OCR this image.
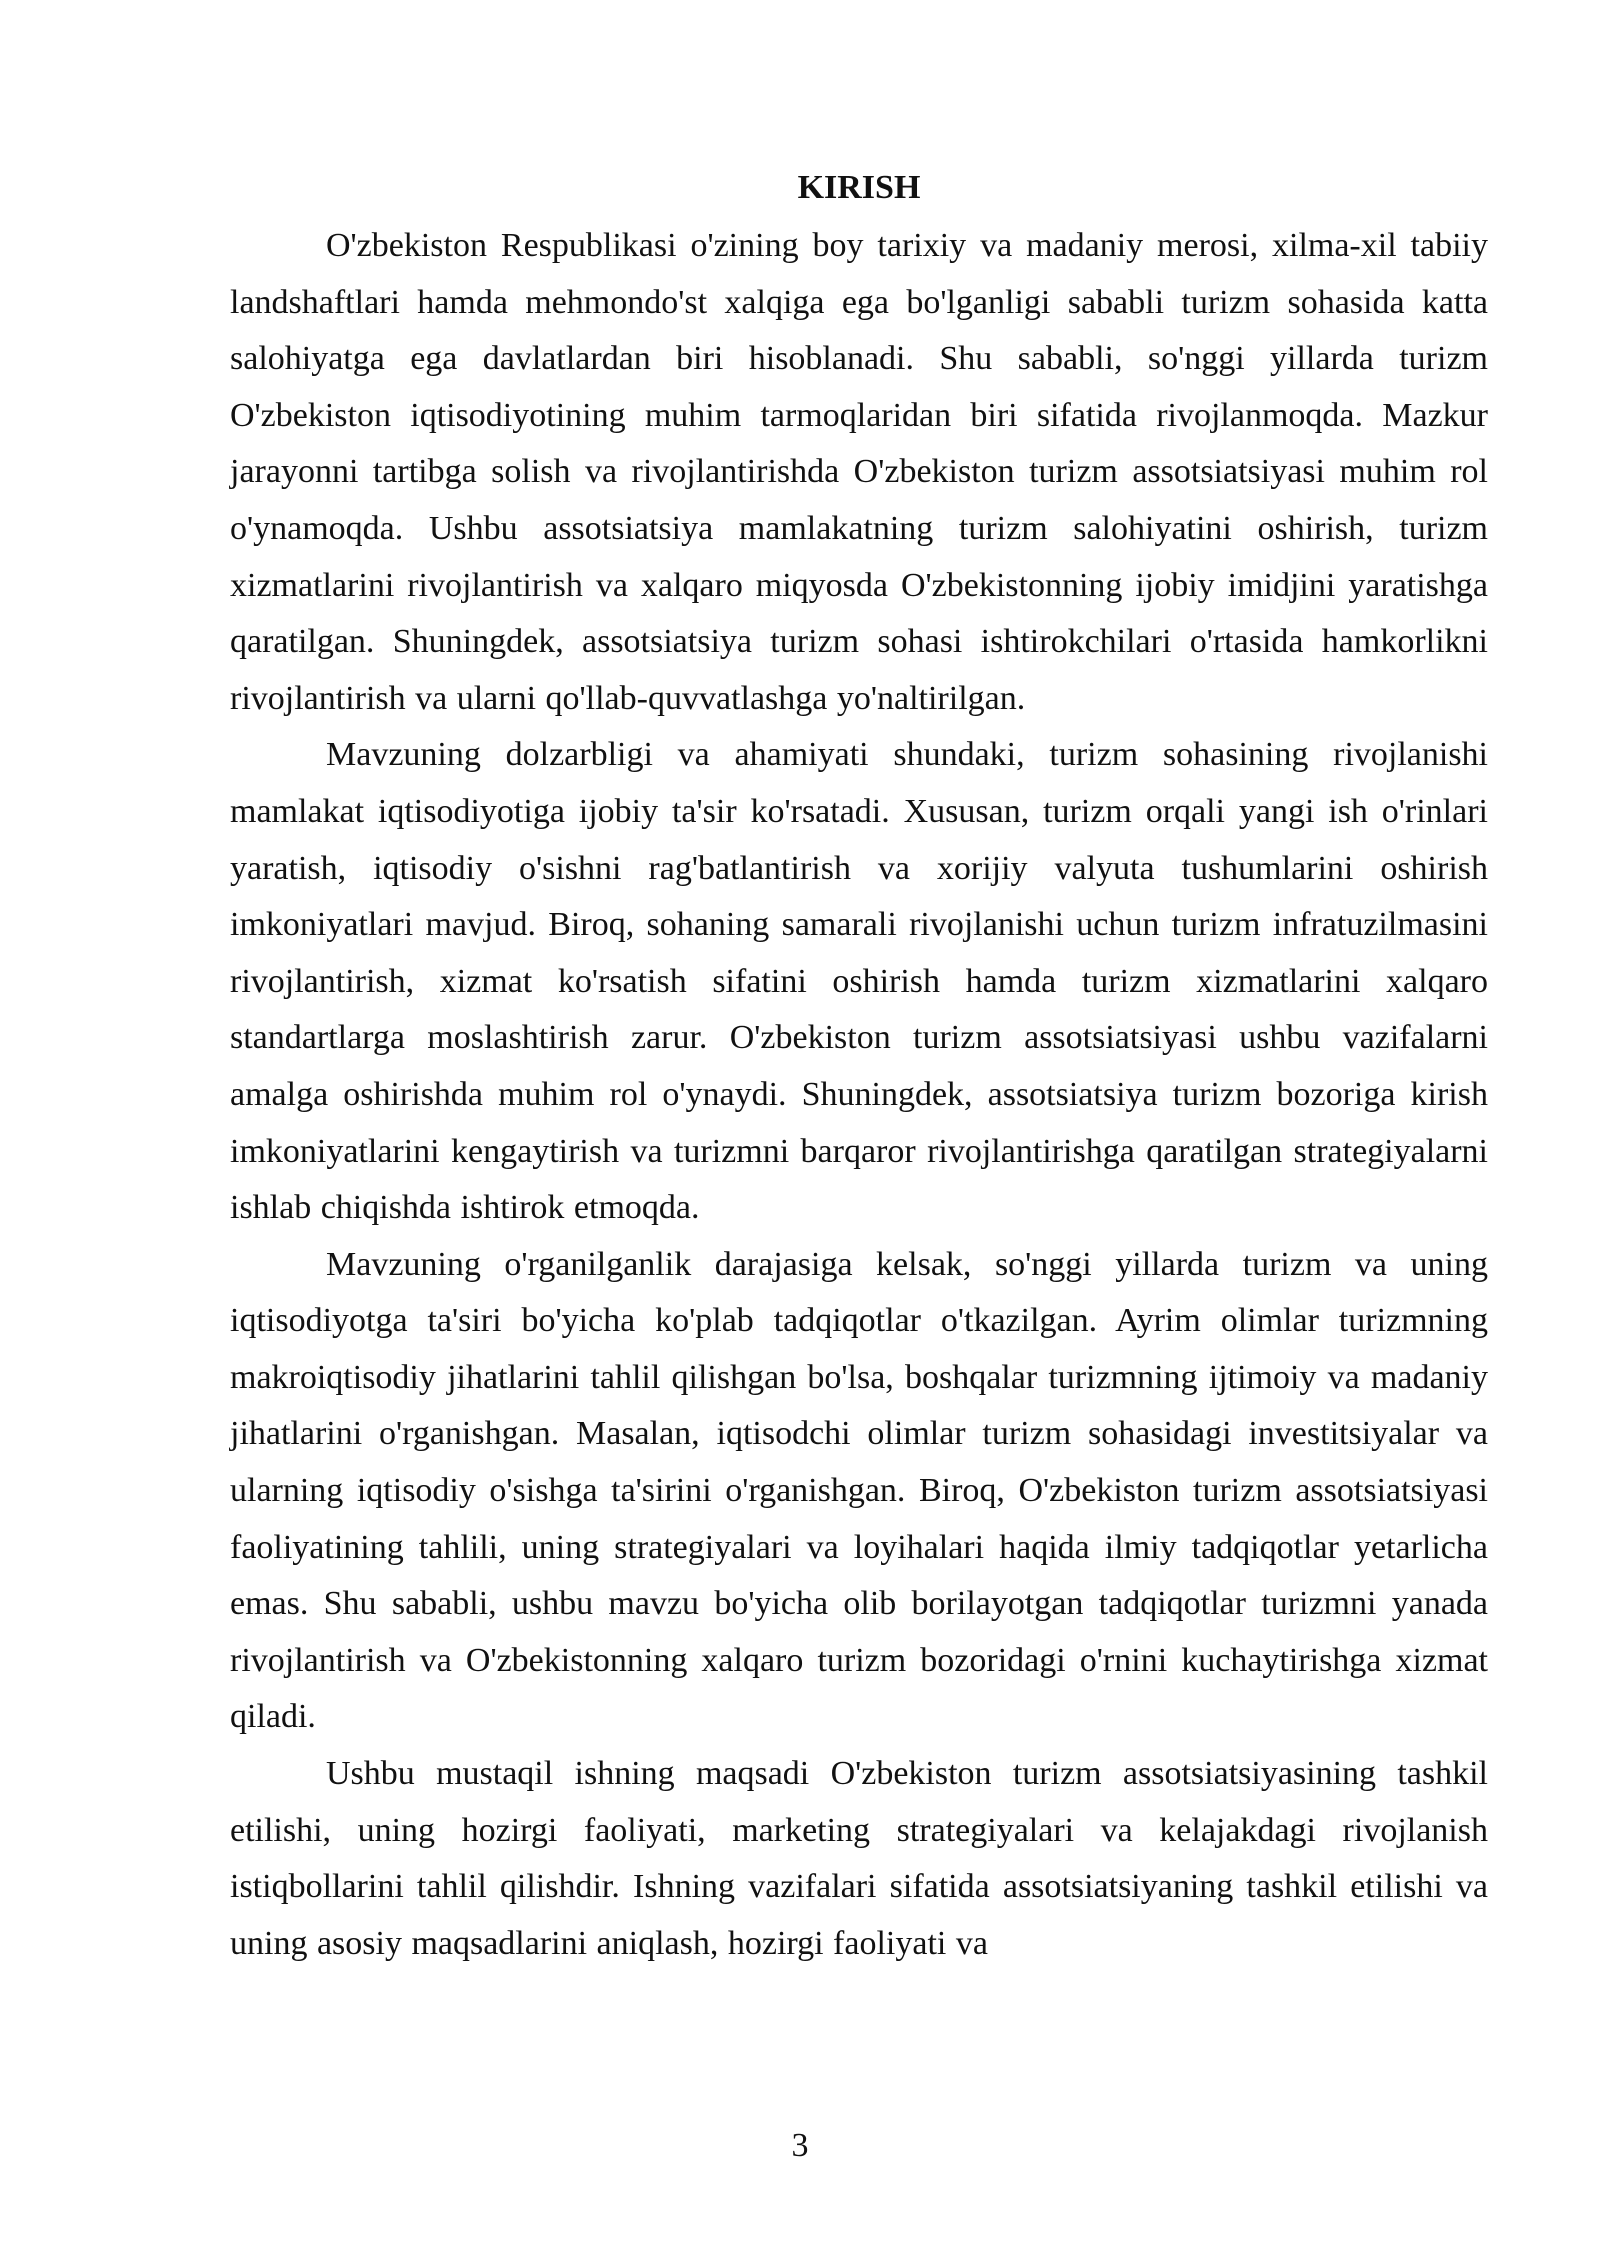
KIRISH

O'zbekiston Respublikasi o'zining boy tarixiy va madaniy merosi, xilma-xil tabiiy landshaftlari hamda mehmondo'st xalqiga ega bo'lganligi sababli turizm sohasida katta salohiyatga ega davlatlardan biri hisoblanadi. Shu sababli, so'nggi yillarda turizm O'zbekiston iqtisodiyotining muhim tarmoqlaridan biri sifatida rivojlanmoqda. Mazkur jarayonni tartibga solish va rivojlantirishda O'zbekiston turizm assotsiatsiyasi muhim rol o'ynamoqda. Ushbu assotsiatsiya mamlakatning turizm salohiyatini oshirish, turizm xizmatlarini rivojlantirish va xalqaro miqyosda O'zbekistonning ijobiy imidjini yaratishga qaratilgan. Shuningdek, assotsiatsiya turizm sohasi ishtirokchilari o'rtasida hamkorlikni rivojlantirish va ularni qo'llab-quvvatlashga yo'naltirilgan.

Mavzuning dolzarbligi va ahamiyati shundaki, turizm sohasining rivojlanishi mamlakat iqtisodiyotiga ijobiy ta'sir ko'rsatadi. Xususan, turizm orqali yangi ish o'rinlari yaratish, iqtisodiy o'sishni rag'batlantirish va xorijiy valyuta tushumlarini oshirish imkoniyatlari mavjud. Biroq, sohaning samarali rivojlanishi uchun turizm infratuzilmasini rivojlantirish, xizmat ko'rsatish sifatini oshirish hamda turizm xizmatlarini xalqaro standartlarga moslashtirish zarur. O'zbekiston turizm assotsiatsiyasi ushbu vazifalarni amalga oshirishda muhim rol o'ynaydi. Shuningdek, assotsiatsiya turizm bozoriga kirish imkoniyatlarini kengaytirish va turizmni barqaror rivojlantirishga qaratilgan strategiyalarni ishlab chiqishda ishtirok etmoqda.

Mavzuning o'rganilganlik darajasiga kelsak, so'nggi yillarda turizm va uning iqtisodiyotga ta'siri bo'yicha ko'plab tadqiqotlar o'tkazilgan. Ayrim olimlar turizmning makroiqtisodiy jihatlarini tahlil qilishgan bo'lsa, boshqalar turizmning ijtimoiy va madaniy jihatlarini o'rganishgan. Masalan, iqtisodchi olimlar turizm sohasidagi investitsiyalar va ularning iqtisodiy o'sishga ta'sirini o'rganishgan. Biroq, O'zbekiston turizm assotsiatsiyasi faoliyatining tahlili, uning strategiyalari va loyihalari haqida ilmiy tadqiqotlar yetarlicha emas. Shu sababli, ushbu mavzu bo'yicha olib borilayotgan tadqiqotlar turizmni yanada rivojlantirish va O'zbekistonning xalqaro turizm bozoridagi o'rnini kuchaytirishga xizmat qiladi.

Ushbu mustaqil ishning maqsadi O'zbekiston turizm assotsiatsiyasining tashkil etilishi, uning hozirgi faoliyati, marketing strategiyalari va kelajakdagi rivojlanish istiqbollarini tahlil qilishdir. Ishning vazifalari sifatida assotsiatsiyaning tashkil etilishi va uning asosiy maqsadlarini aniqlash, hozirgi faoliyati va

3
